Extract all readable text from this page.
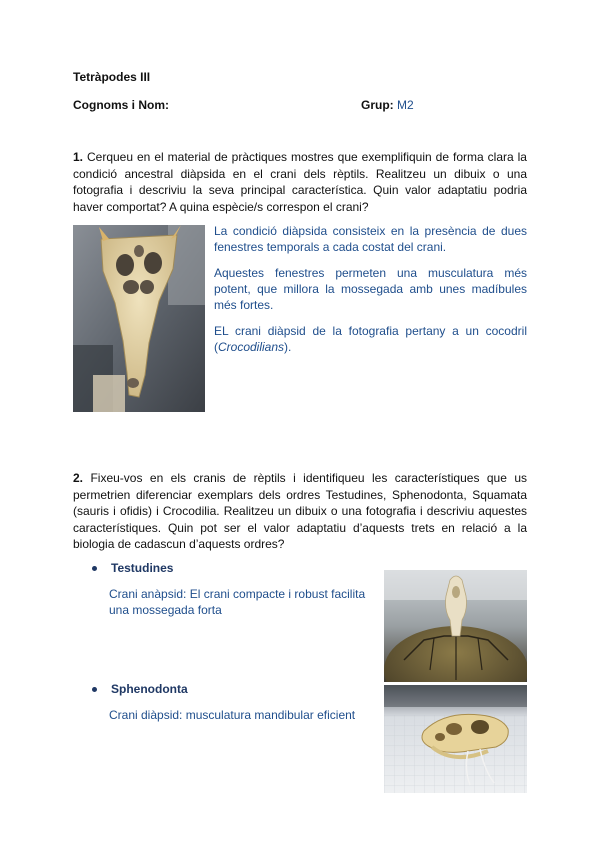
Tetràpodes III
Cognoms i Nom:	Grup: M2
1. Cerqueu en el material de pràctiques mostres que exemplifiquin de forma clara la condició ancestral diàpsida en el crani dels rèptils. Realitzeu un dibuix o una fotografia i descriviu la seva principal característica. Quin valor adaptatiu podria haver comportat? A quina espècie/s correspon el crani?

La condició diàpsida consisteix en la presència de dues fenestres temporals a cada costat del crani.

Aquestes fenestres permeten una musculatura més potent, que millora la mossegada amb unes madíbules més fortes.

EL crani diàpsid de la fotografia pertany a un cocodril (Crocodilians).

2. Fixeu-vos en els cranis de rèptils i identifiqueu les característiques que us permetrien diferenciar exemplars dels ordres Testudines, Sphenodonta, Squamata (sauris i ofidis) i Crocodilia. Realitzeu un dibuix o una fotografia i descriviu aquestes característiques. Quin pot ser el valor adaptatiu d’aquests trets en relació a la biologia de cadascun d’aquests ordres?
Testudines
Crani anàpsid: El crani compacte i robust facilita una mossegada forta
Sphenodonta
Crani diàpsid: musculatura mandibular eficient
